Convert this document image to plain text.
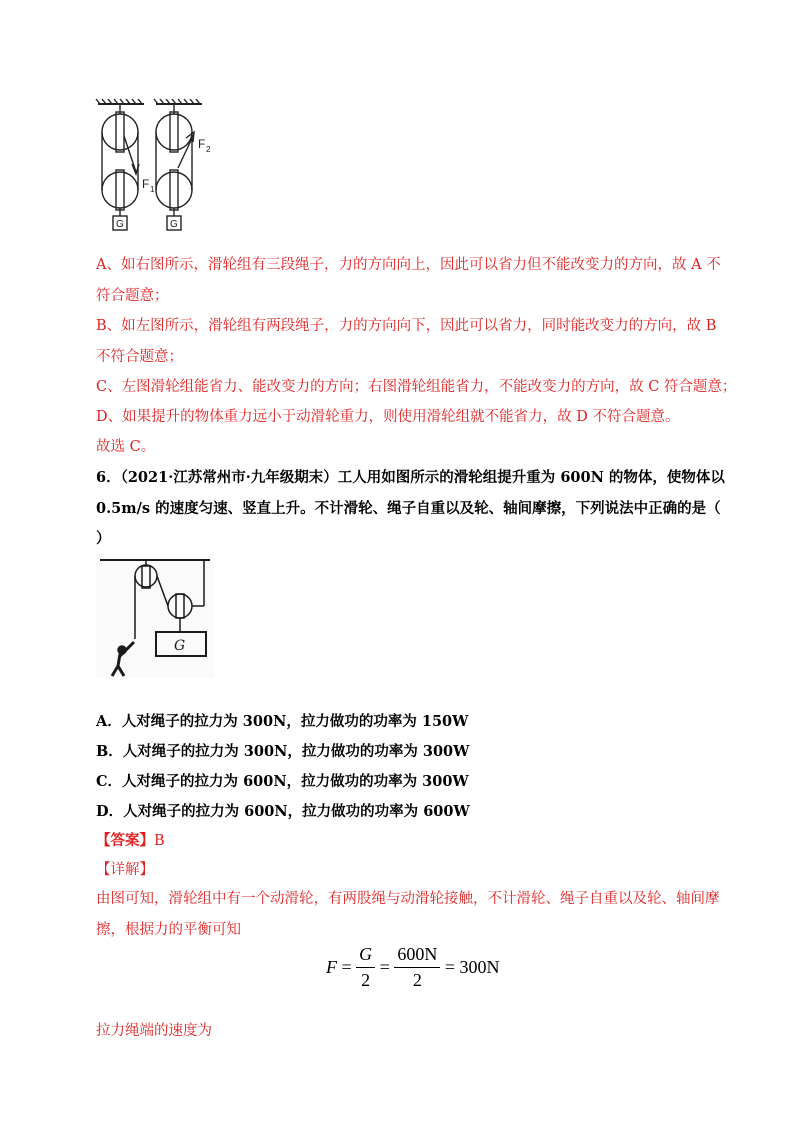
F 1
G
F 2
G
A、如右图所示，滑轮组有三段绳子，力的方向向上，因此可以省力但不能改变力的方向，故 A 不
符合题意；
B、如左图所示，滑轮组有两段绳子，力的方向向下，因此可以省力，同时能改变力的方向，故 B
不符合题意；
C、左图滑轮组能省力、能改变力的方向；右图滑轮组能省力，不能改变力的方向，故 C 符合题意；
D、如果提升的物体重力远小于动滑轮重力，则使用滑轮组就不能省力，故 D 不符合题意。
故选 C。
6．（2021·江苏常州市·九年级期末）工人用如图所示的滑轮组提升重为 600N 的物体，使物体以
0.5m/s 的速度匀速、竖直上升。不计滑轮、绳子自重以及轮、轴间摩擦，下列说法中正确的是（
）
G
A．人对绳子的拉力为 300N，拉力做功的功率为 150W
B．人对绳子的拉力为 300N，拉力做功的功率为 300W
C．人对绳子的拉力为 600N，拉力做功的功率为 300W
D．人对绳子的拉力为 600N，拉力做功的功率为 600W
【答案】B
【详解】
由图可知，滑轮组中有一个动滑轮，有两股绳与动滑轮接触，不计滑轮、绳子自重以及轮、轴间摩
擦，根据力的平衡可知
$F = \frac{G}{2} = \frac{600N}{2} = 300N$
拉力绳端的速度为
